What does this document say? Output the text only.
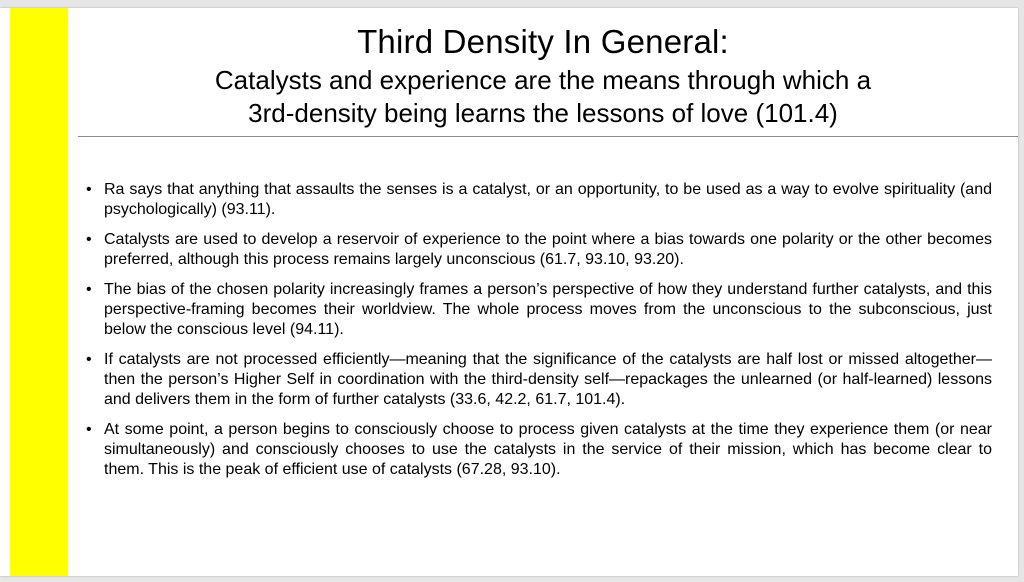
Third Density In General:
Catalysts and experience are the means through which a
3rd-density being learns the lessons of love (101.4)
• Ra says that anything that assaults the senses is a catalyst, or an opportunity, to be used as a way to evolve spirituality (and psychologically) (93.11).
• Catalysts are used to develop a reservoir of experience to the point where a bias towards one polarity or the other becomes preferred, although this process remains largely unconscious (61.7, 93.10, 93.20).
• The bias of the chosen polarity increasingly frames a person’s perspective of how they understand further catalysts, and this perspective-framing becomes their worldview. The whole process moves from the unconscious to the subconscious, just below the conscious level (94.11).
• If catalysts are not processed efficiently—meaning that the significance of the catalysts are half lost or missed altogether—then the person’s Higher Self in coordination with the third-density self—repackages the unlearned (or half-learned) lessons and delivers them in the form of further catalysts (33.6, 42.2, 61.7, 101.4).
• At some point, a person begins to consciously choose to process given catalysts at the time they experience them (or near simultaneously) and consciously chooses to use the catalysts in the service of their mission, which has become clear to them. This is the peak of efficient use of catalysts (67.28, 93.10).
